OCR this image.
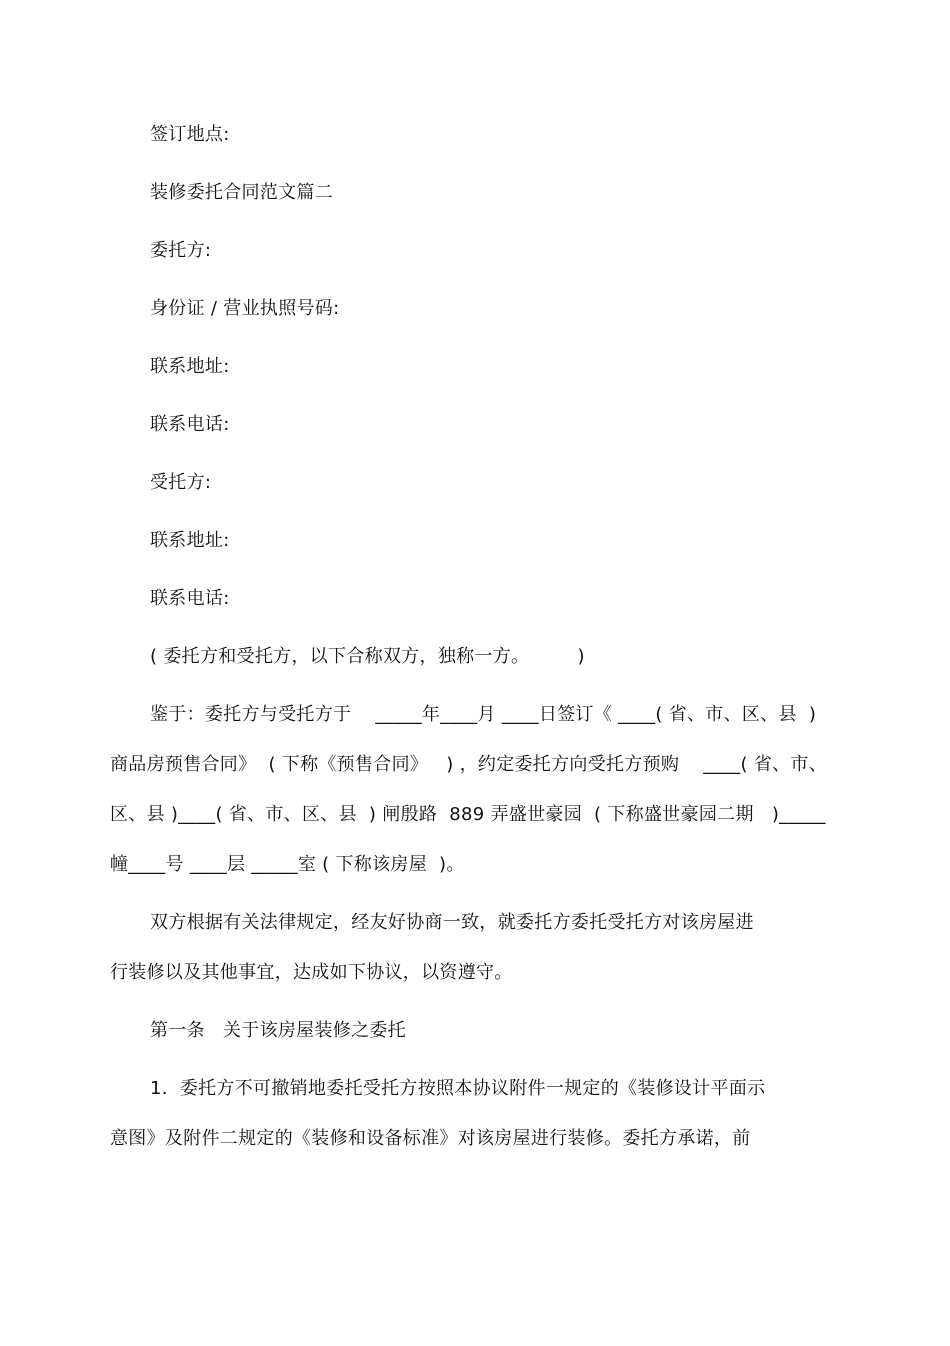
签订地点:
装修委托合同范文篇二
委托方:
身份证 / 营业执照号码:
联系地址:
联系电话:
受托方:
联系地址:
联系电话:
( 委托方和受托方，以下合称双方，独称一方。        )
鉴于：委托方与受托方于    _____年____月 ____日签订《 ____( 省、市、区、县  )
商品房预售合同》  ( 下称《预售合同》   ) ，约定委托方向受托方预购    ____( 省、市、
区、县 )____( 省、市、区、县  ) 闸殷路  889 弄盛世豪园  ( 下称盛世豪园二期   )_____
幢____号 ____层 _____室 ( 下称该房屋  )。
双方根据有关法律规定，经友好协商一致，就委托方委托受托方对该房屋进
行装修以及其他事宜，达成如下协议，以资遵守。
第一条   关于该房屋装修之委托
1.  委托方不可撤销地委托受托方按照本协议附件一规定的《装修设计平面示
意图》及附件二规定的《装修和设备标准》对该房屋进行装修。委托方承诺，前
